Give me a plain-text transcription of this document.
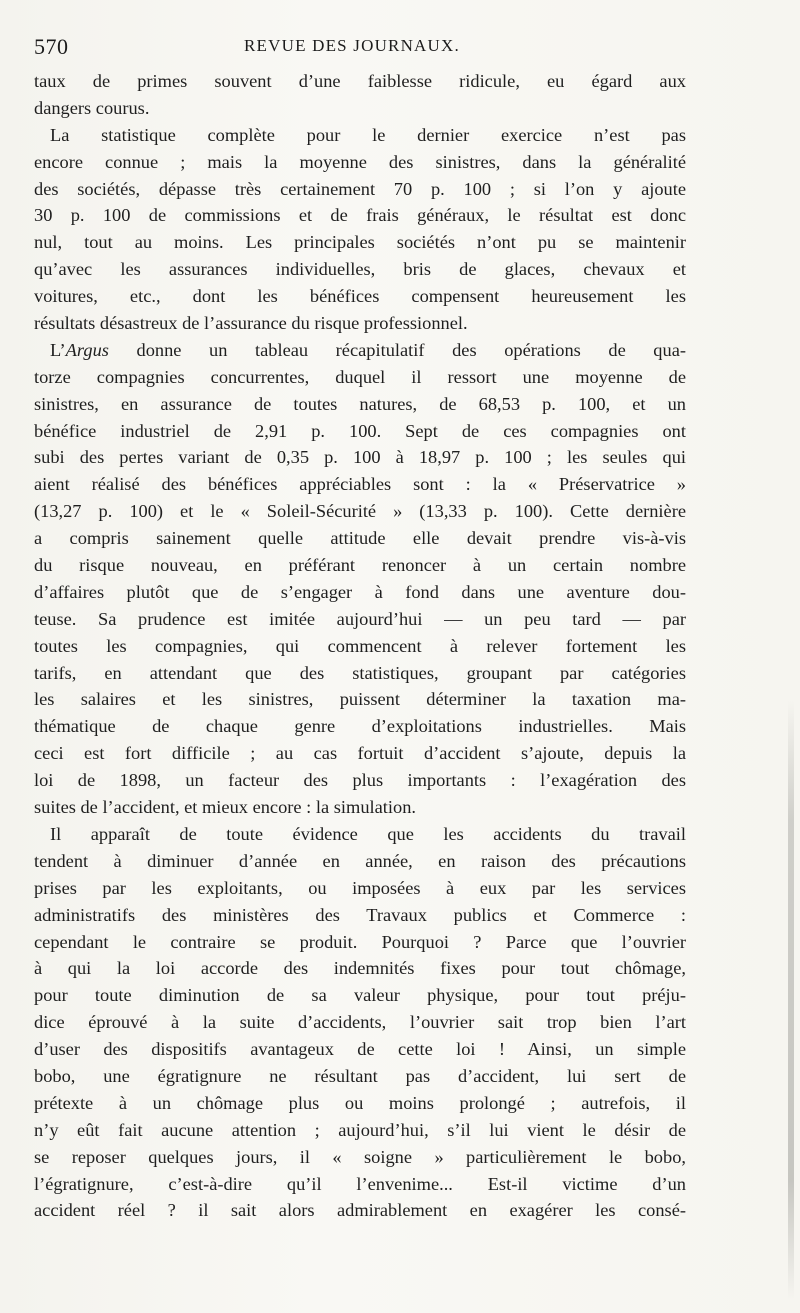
570	REVUE DES JOURNAUX.
taux de primes souvent d’une faiblesse ridicule, eu égard aux
dangers courus.
La statistique complète pour le dernier exercice n’est pas
encore connue ; mais la moyenne des sinistres, dans la généralité
des sociétés, dépasse très certainement 70 p. 100 ; si l’on y ajoute
30 p. 100 de commissions et de frais généraux, le résultat est donc
nul, tout au moins. Les principales sociétés n’ont pu se maintenir
qu’avec les assurances individuelles, bris de glaces, chevaux et
voitures, etc., dont les bénéfices compensent heureusement les
résultats désastreux de l’assurance du risque professionnel.
L’Argus donne un tableau récapitulatif des opérations de qua-
torze compagnies concurrentes, duquel il ressort une moyenne de
sinistres, en assurance de toutes natures, de 68,53 p. 100, et un
bénéfice industriel de 2,91 p. 100. Sept de ces compagnies ont
subi des pertes variant de 0,35 p. 100 à 18,97 p. 100 ; les seules qui
aient réalisé des bénéfices appréciables sont : la « Préservatrice »
(13,27 p. 100) et le « Soleil-Sécurité » (13,33 p. 100). Cette dernière
a compris sainement quelle attitude elle devait prendre vis-à-vis
du risque nouveau, en préférant renoncer à un certain nombre
d’affaires plutôt que de s’engager à fond dans une aventure dou-
teuse. Sa prudence est imitée aujourd’hui — un peu tard — par
toutes les compagnies, qui commencent à relever fortement les
tarifs, en attendant que des statistiques, groupant par catégories
les salaires et les sinistres, puissent déterminer la taxation ma-
thématique de chaque genre d’exploitations industrielles. Mais
ceci est fort difficile ; au cas fortuit d’accident s’ajoute, depuis la
loi de 1898, un facteur des plus importants : l’exagération des
suites de l’accident, et mieux encore : la simulation.
Il apparaît de toute évidence que les accidents du travail
tendent à diminuer d’année en année, en raison des précautions
prises par les exploitants, ou imposées à eux par les services
administratifs des ministères des Travaux publics et Commerce :
cependant le contraire se produit. Pourquoi ? Parce que l’ouvrier
à qui la loi accorde des indemnités fixes pour tout chômage,
pour toute diminution de sa valeur physique, pour tout préju-
dice éprouvé à la suite d’accidents, l’ouvrier sait trop bien l’art
d’user des dispositifs avantageux de cette loi ! Ainsi, un simple
bobo, une égratignure ne résultant pas d’accident, lui sert de
prétexte à un chômage plus ou moins prolongé ; autrefois, il
n’y eût fait aucune attention ; aujourd’hui, s’il lui vient le désir de
se reposer quelques jours, il « soigne » particulièrement le bobo,
l’égratignure, c’est-à-dire qu’il l’envenime... Est-il victime d’un
accident réel ? il sait alors admirablement en exagérer les consé-
